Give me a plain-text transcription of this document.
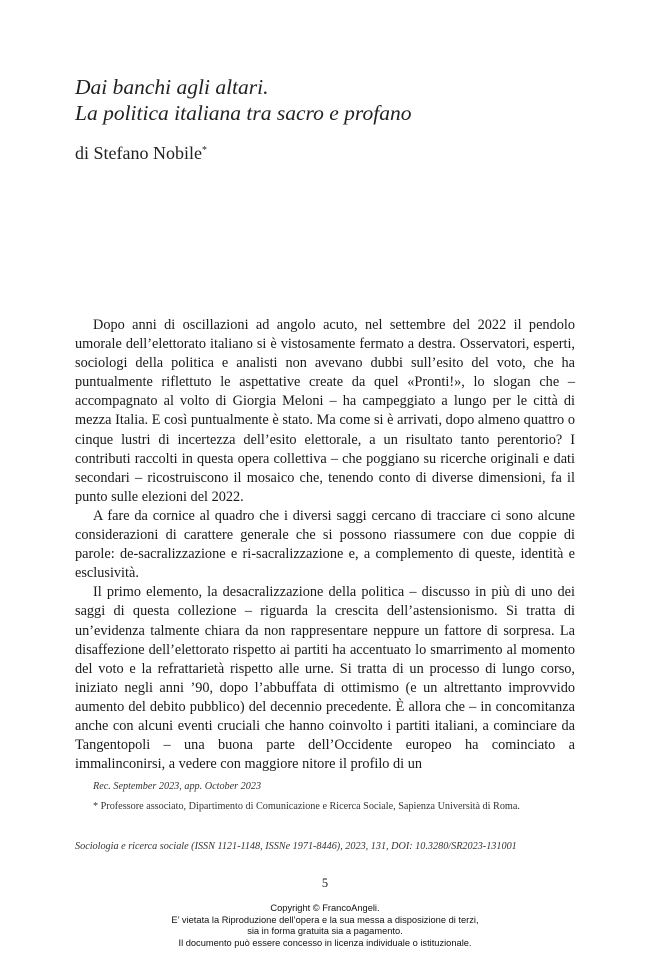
Dai banchi agli altari.
La politica italiana tra sacro e profano
di Stefano Nobile*

Dopo anni di oscillazioni ad angolo acuto, nel settembre del 2022 il pendolo umorale dell’elettorato italiano si è vistosamente fermato a destra. Osservatori, esperti, sociologi della politica e analisti non avevano dubbi sull’esito del voto, che ha puntualmente riflettuto le aspettative create da quel «Pronti!», lo slogan che – accompagnato al volto di Giorgia Meloni – ha campeggiato a lungo per le città di mezza Italia. E così puntualmente è stato. Ma come si è arrivati, dopo almeno quattro o cinque lustri di incertezza dell’esito elettorale, a un risultato tanto perentorio? I contributi raccolti in questa opera collettiva – che poggiano su ricerche originali e dati secondari – ricostruiscono il mosaico che, tenendo conto di diverse dimensioni, fa il punto sulle elezioni del 2022.

A fare da cornice al quadro che i diversi saggi cercano di tracciare ci sono alcune considerazioni di carattere generale che si possono riassumere con due coppie di parole: de-sacralizzazione e ri-sacralizzazione e, a complemento di queste, identità e esclusività.

Il primo elemento, la desacralizzazione della politica – discusso in più di uno dei saggi di questa collezione – riguarda la crescita dell’astensionismo. Si tratta di un’evidenza talmente chiara da non rappresentare neppure un fattore di sorpresa. La disaffezione dell’elettorato rispetto ai partiti ha accentuato lo smarrimento al momento del voto e la refrattarietà rispetto alle urne. Si tratta di un processo di lungo corso, iniziato negli anni ’90, dopo l’abbuffata di ottimismo (e un altrettanto improvvido aumento del debito pubblico) del decennio precedente. È allora che – in concomitanza anche con alcuni eventi cruciali che hanno coinvolto i partiti italiani, a cominciare da Tangentopoli – una buona parte dell’Occidente europeo ha cominciato a immalinconirsi, a vedere con maggiore nitore il profilo di un

Rec. September 2023, app. October 2023
* Professore associato, Dipartimento di Comunicazione e Ricerca Sociale, Sapienza Università di Roma.
Sociologia e ricerca sociale (ISSN 1121-1148, ISSNe 1971-8446), 2023, 131, DOI: 10.3280/SR2023-131001
5
Copyright © FrancoAngeli.
E’ vietata la Riproduzione dell’opera e la sua messa a disposizione di terzi,
sia in forma gratuita sia a pagamento.
Il documento può essere concesso in licenza individuale o istituzionale.
